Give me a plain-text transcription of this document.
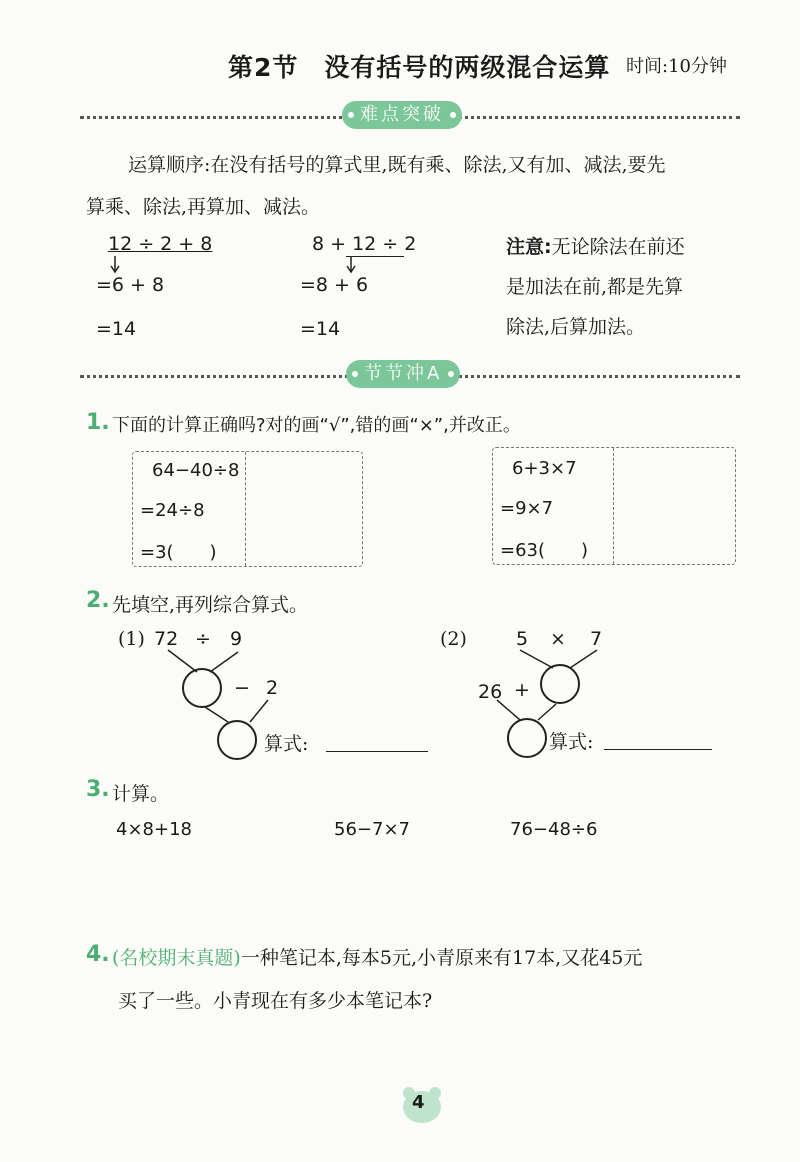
第2节　没有括号的两级混合运算 时间:10分钟
难点突破
运算顺序:在没有括号的算式里,既有乘、除法,又有加、减法,要先
算乘、除法,再算加、减法。
12 ÷ 2 + 8
=6 + 8
=14
8 + 12 ÷ 2
=8 + 6
=14
注意:无论除法在前还
是加法在前,都是先算
除法,后算加法。
节节冲A
1. 下面的计算正确吗?对的画“√”,错的画“×”,并改正。
64−40÷8
=24÷8
=3(　　)
6+3×7
=9×7
=63(　　)
2. 先填空,再列综合算式。
(1) 72 ÷ 9
− 2
算式:
(2)	5 × 7
26 +
算式:
3. 计算。
4×8+18	56−7×7	76−48÷6
4. (名校期末真题)一种笔记本,每本5元,小青原来有17本,又花45元
买了一些。小青现在有多少本笔记本?
4
